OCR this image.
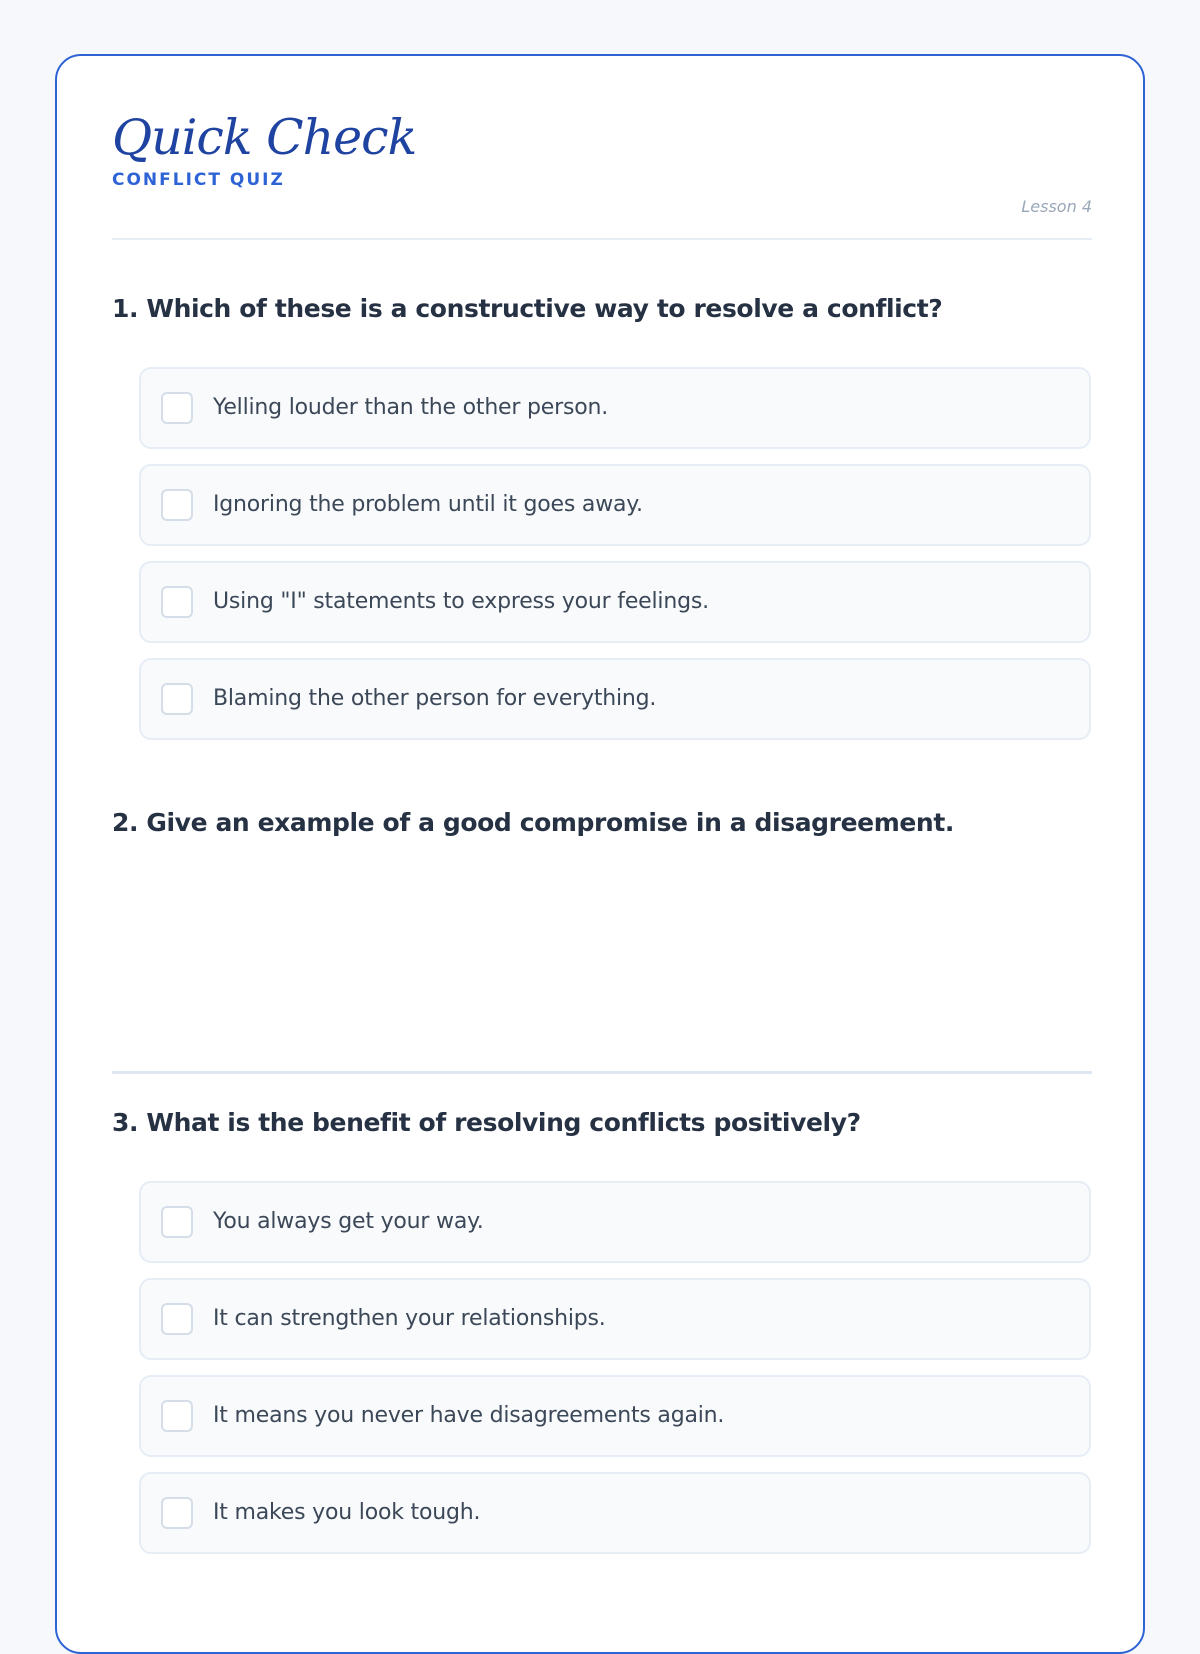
Quick Check
CONFLICT QUIZ
Lesson 4
1. Which of these is a constructive way to resolve a conflict?
Yelling louder than the other person.
Ignoring the problem until it goes away.
Using "I" statements to express your feelings.
Blaming the other person for everything.
2. Give an example of a good compromise in a disagreement.
3. What is the benefit of resolving conflicts positively?
You always get your way.
It can strengthen your relationships.
It means you never have disagreements again.
It makes you look tough.
